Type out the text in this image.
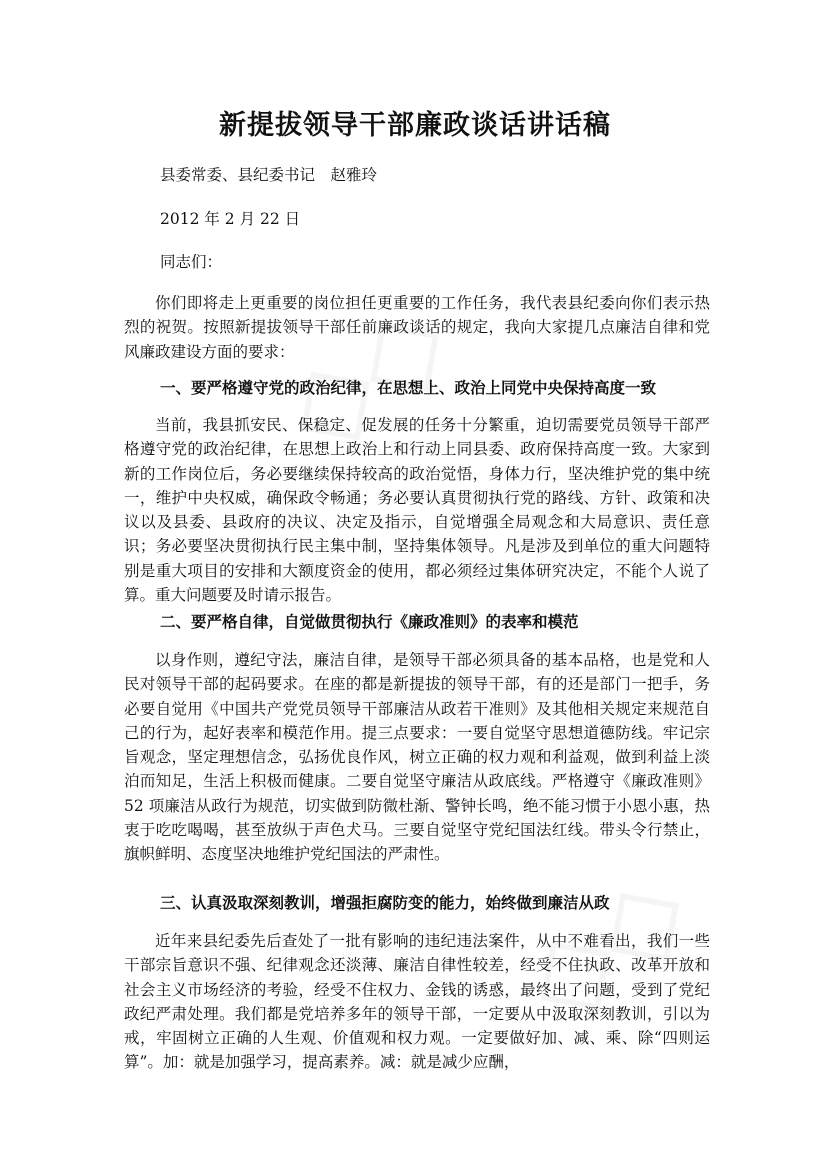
新提拔领导干部廉政谈话讲话稿

县委常委、县纪委书记　赵雅玲

2012 年 2 月 22 日

同志们：

你们即将走上更重要的岗位担任更重要的工作任务，我代表县纪委向你们表示热烈的祝贺。按照新提拔领导干部任前廉政谈话的规定，我向大家提几点廉洁自律和党风廉政建设方面的要求：

一、要严格遵守党的政治纪律，在思想上、政治上同党中央保持高度一致

当前，我县抓安民、保稳定、促发展的任务十分繁重，迫切需要党员领导干部严格遵守党的政治纪律，在思想上政治上和行动上同县委、政府保持高度一致。大家到新的工作岗位后，务必要继续保持较高的政治觉悟，身体力行，坚决维护党的集中统一，维护中央权威，确保政令畅通；务必要认真贯彻执行党的路线、方针、政策和决议以及县委、县政府的决议、决定及指示，自觉增强全局观念和大局意识、责任意识；务必要坚决贯彻执行民主集中制，坚持集体领导。凡是涉及到单位的重大问题特别是重大项目的安排和大额度资金的使用，都必须经过集体研究决定，不能个人说了算。重大问题要及时请示报告。

二、要严格自律，自觉做贯彻执行《廉政准则》的表率和模范

以身作则，遵纪守法，廉洁自律，是领导干部必须具备的基本品格，也是党和人民对领导干部的起码要求。在座的都是新提拔的领导干部，有的还是部门一把手，务必要自觉用《中国共产党党员领导干部廉洁从政若干准则》及其他相关规定来规范自己的行为，起好表率和模范作用。提三点要求：一要自觉坚守思想道德防线。牢记宗旨观念，坚定理想信念，弘扬优良作风，树立正确的权力观和利益观，做到利益上淡泊而知足，生活上积极而健康。二要自觉坚守廉洁从政底线。严格遵守《廉政准则》52 项廉洁从政行为规范，切实做到防微杜渐、警钟长鸣，绝不能习惯于小恩小惠，热衷于吃吃喝喝，甚至放纵于声色犬马。三要自觉坚守党纪国法红线。带头令行禁止，旗帜鲜明、态度坚决地维护党纪国法的严肃性。

三、认真汲取深刻教训，增强拒腐防变的能力，始终做到廉洁从政

近年来县纪委先后查处了一批有影响的违纪违法案件，从中不难看出，我们一些干部宗旨意识不强、纪律观念还淡薄、廉洁自律性较差，经受不住执政、改革开放和社会主义市场经济的考验，经受不住权力、金钱的诱惑，最终出了问题，受到了党纪政纪严肃处理。我们都是党培养多年的领导干部，一定要从中汲取深刻教训，引以为戒，牢固树立正确的人生观、价值观和权力观。一定要做好加、减、乘、除“四则运算”。加：就是加强学习，提高素养。减：就是减少应酬，
